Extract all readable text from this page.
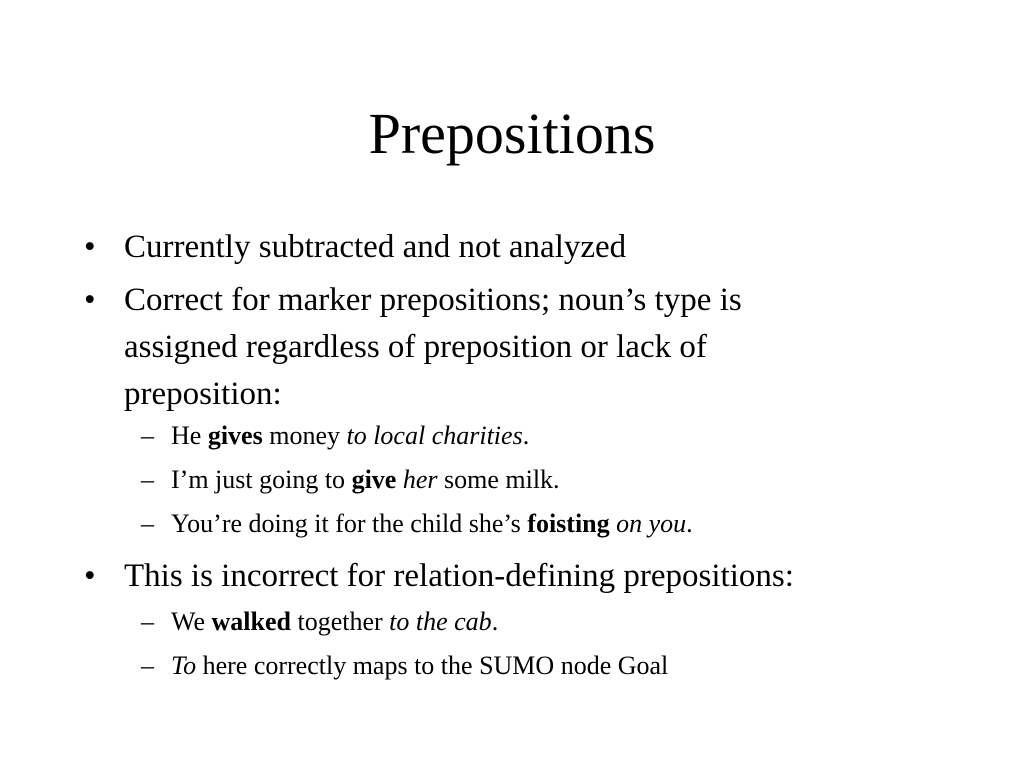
Prepositions
• Currently subtracted and not analyzed
• Correct for marker prepositions; noun’s type is
assigned regardless of preposition or lack of
preposition:
– He gives money to local charities.
– I’m just going to give her some milk.
– You’re doing it for the child she’s foisting on you.
• This is incorrect for relation-defining prepositions:
– We walked together to the cab.
– To here correctly maps to the SUMO node Goal
